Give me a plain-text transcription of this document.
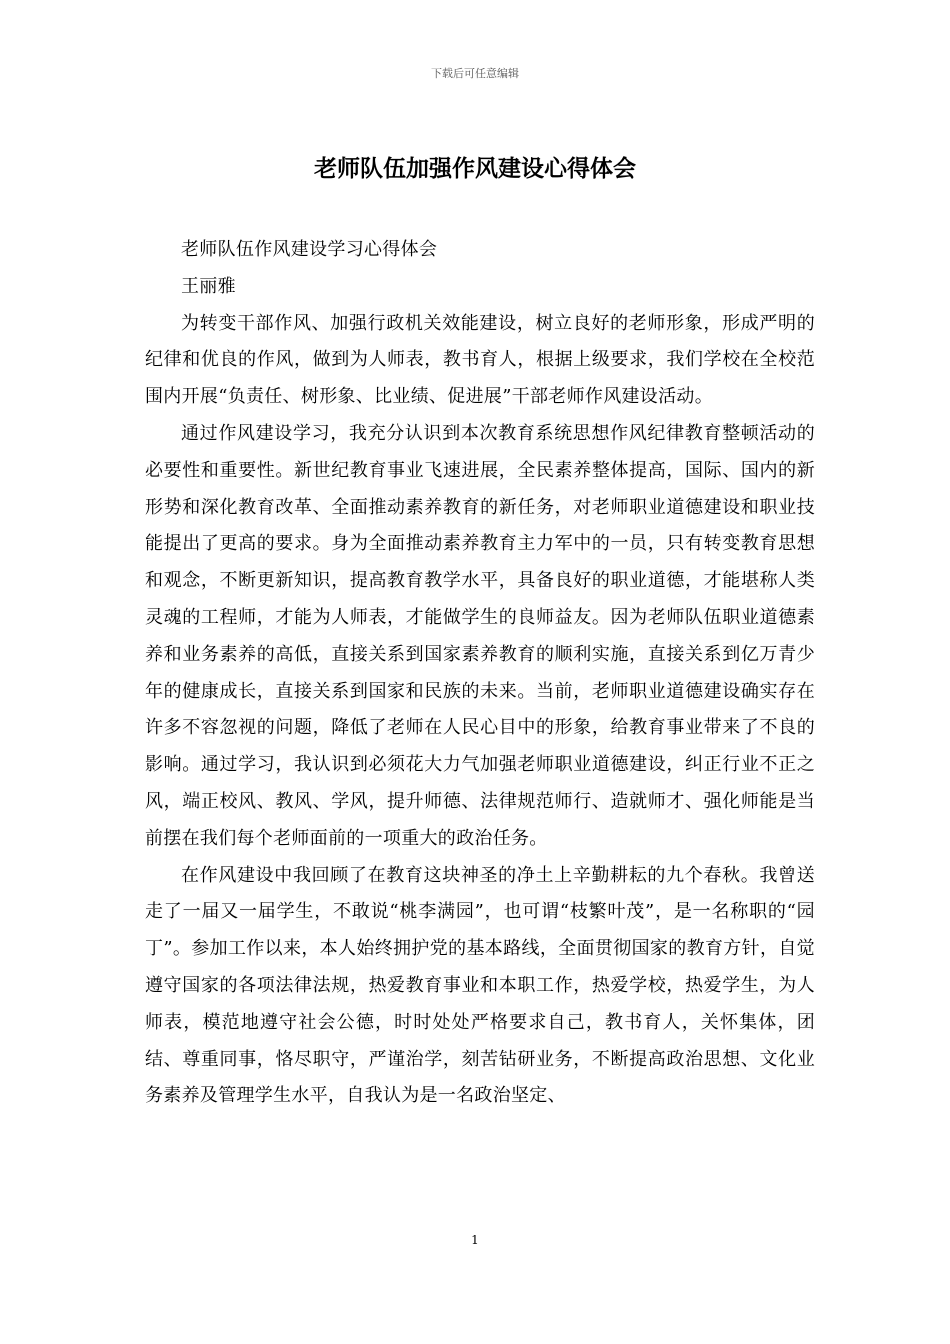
下载后可任意编辑
老师队伍加强作风建设心得体会

老师队伍作风建设学习心得体会

王丽雅

为转变干部作风、加强行政机关效能建设，树立良好的老师形象，形成严明的纪律和优良的作风，做到为人师表，教书育人，根据上级要求，我们学校在全校范围内开展“负责任、树形象、比业绩、促进展”干部老师作风建设活动。

通过作风建设学习，我充分认识到本次教育系统思想作风纪律教育整顿活动的必要性和重要性。新世纪教育事业飞速进展，全民素养整体提高，国际、国内的新形势和深化教育改革、全面推动素养教育的新任务，对老师职业道德建设和职业技能提出了更高的要求。身为全面推动素养教育主力军中的一员，只有转变教育思想和观念，不断更新知识，提高教育教学水平，具备良好的职业道德，才能堪称人类灵魂的工程师，才能为人师表，才能做学生的良师益友。因为老师队伍职业道德素养和业务素养的高低，直接关系到国家素养教育的顺利实施，直接关系到亿万青少年的健康成长，直接关系到国家和民族的未来。当前，老师职业道德建设确实存在许多不容忽视的问题，降低了老师在人民心目中的形象，给教育事业带来了不良的影响。通过学习，我认识到必须花大力气加强老师职业道德建设，纠正行业不正之风，端正校风、教风、学风，提升师德、法律规范师行、造就师才、强化师能是当前摆在我们每个老师面前的一项重大的政治任务。

在作风建设中我回顾了在教育这块神圣的净土上辛勤耕耘的九个春秋。我曾送走了一届又一届学生，不敢说“桃李满园”，也可谓“枝繁叶茂”，是一名称职的“园丁”。参加工作以来，本人始终拥护党的基本路线，全面贯彻国家的教育方针，自觉遵守国家的各项法律法规，热爱教育事业和本职工作，热爱学校，热爱学生，为人师表，模范地遵守社会公德，时时处处严格要求自己，教书育人，关怀集体，团结、尊重同事，恪尽职守，严谨治学，刻苦钻研业务，不断提高政治思想、文化业务素养及管理学生水平，自我认为是一名政治坚定、

1
